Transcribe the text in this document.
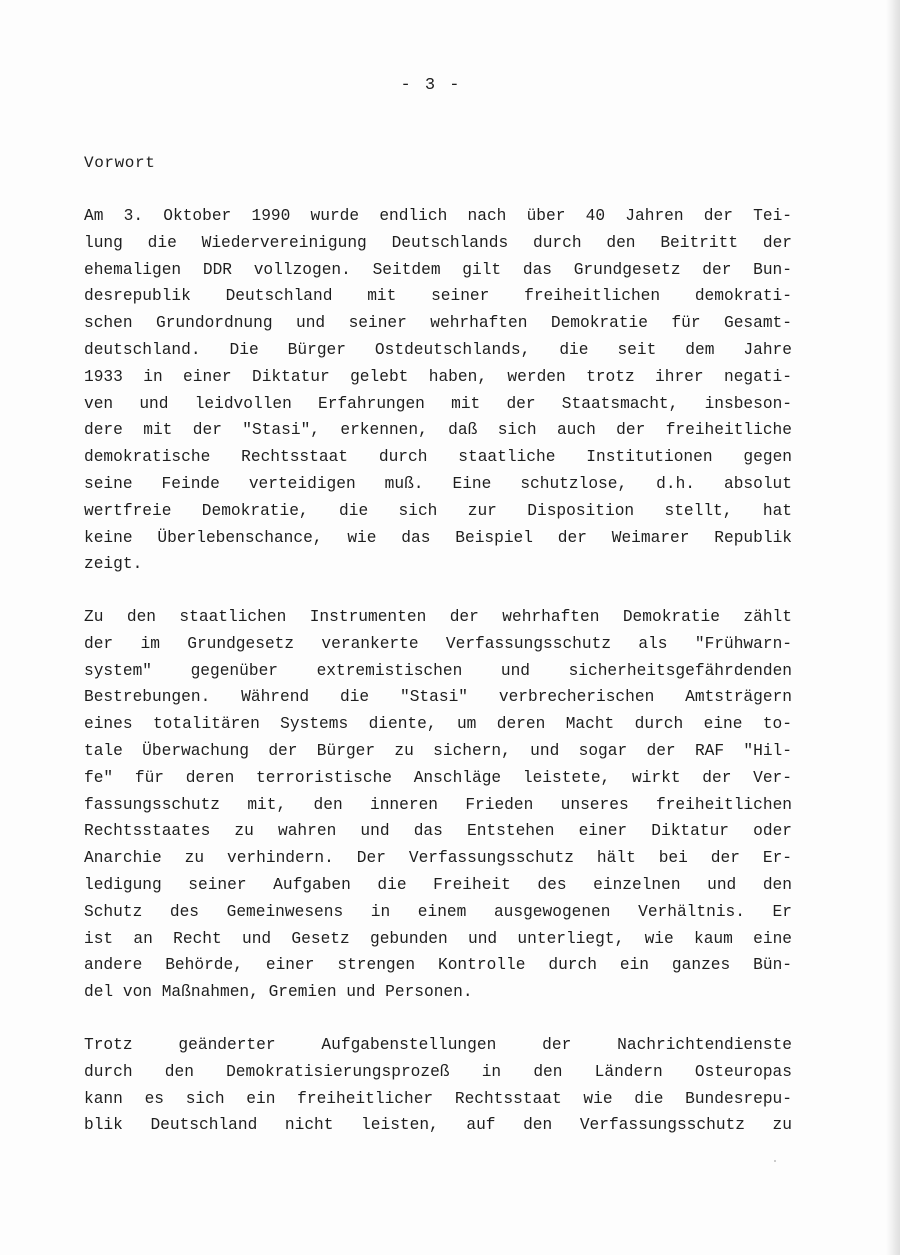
- 3 -
Vorwort
Am 3. Oktober 1990 wurde endlich nach über 40 Jahren der Tei-
lung die Wiedervereinigung Deutschlands durch den Beitritt der
ehemaligen DDR vollzogen. Seitdem gilt das Grundgesetz der Bun-
desrepublik Deutschland mit seiner freiheitlichen demokrati-
schen Grundordnung und seiner wehrhaften Demokratie für Gesamt-
deutschland. Die Bürger Ostdeutschlands, die seit dem Jahre
1933 in einer Diktatur gelebt haben, werden trotz ihrer negati-
ven und leidvollen Erfahrungen mit der Staatsmacht, insbeson-
dere mit der "Stasi", erkennen, daß sich auch der freiheitliche
demokratische Rechtsstaat durch staatliche Institutionen gegen
seine Feinde verteidigen muß. Eine schutzlose, d.h. absolut
wertfreie Demokratie, die sich zur Disposition stellt, hat
keine Überlebenschance, wie das Beispiel der Weimarer Republik
zeigt.
Zu den staatlichen Instrumenten der wehrhaften Demokratie zählt
der im Grundgesetz verankerte Verfassungsschutz als "Frühwarn-
system" gegenüber extremistischen und sicherheitsgefährdenden
Bestrebungen. Während die "Stasi" verbrecherischen Amtsträgern
eines totalitären Systems diente, um deren Macht durch eine to-
tale Überwachung der Bürger zu sichern, und sogar der RAF "Hil-
fe" für deren terroristische Anschläge leistete, wirkt der Ver-
fassungsschutz mit, den inneren Frieden unseres freiheitlichen
Rechtsstaates zu wahren und das Entstehen einer Diktatur oder
Anarchie zu verhindern. Der Verfassungsschutz hält bei der Er-
ledigung seiner Aufgaben die Freiheit des einzelnen und den
Schutz des Gemeinwesens in einem ausgewogenen Verhältnis. Er
ist an Recht und Gesetz gebunden und unterliegt, wie kaum eine
andere Behörde, einer strengen Kontrolle durch ein ganzes Bün-
del von Maßnahmen, Gremien und Personen.
Trotz geänderter Aufgabenstellungen der Nachrichtendienste
durch den Demokratisierungsprozeß in den Ländern Osteuropas
kann es sich ein freiheitlicher Rechtsstaat wie die Bundesrepu-
blik Deutschland nicht leisten, auf den Verfassungsschutz zu
